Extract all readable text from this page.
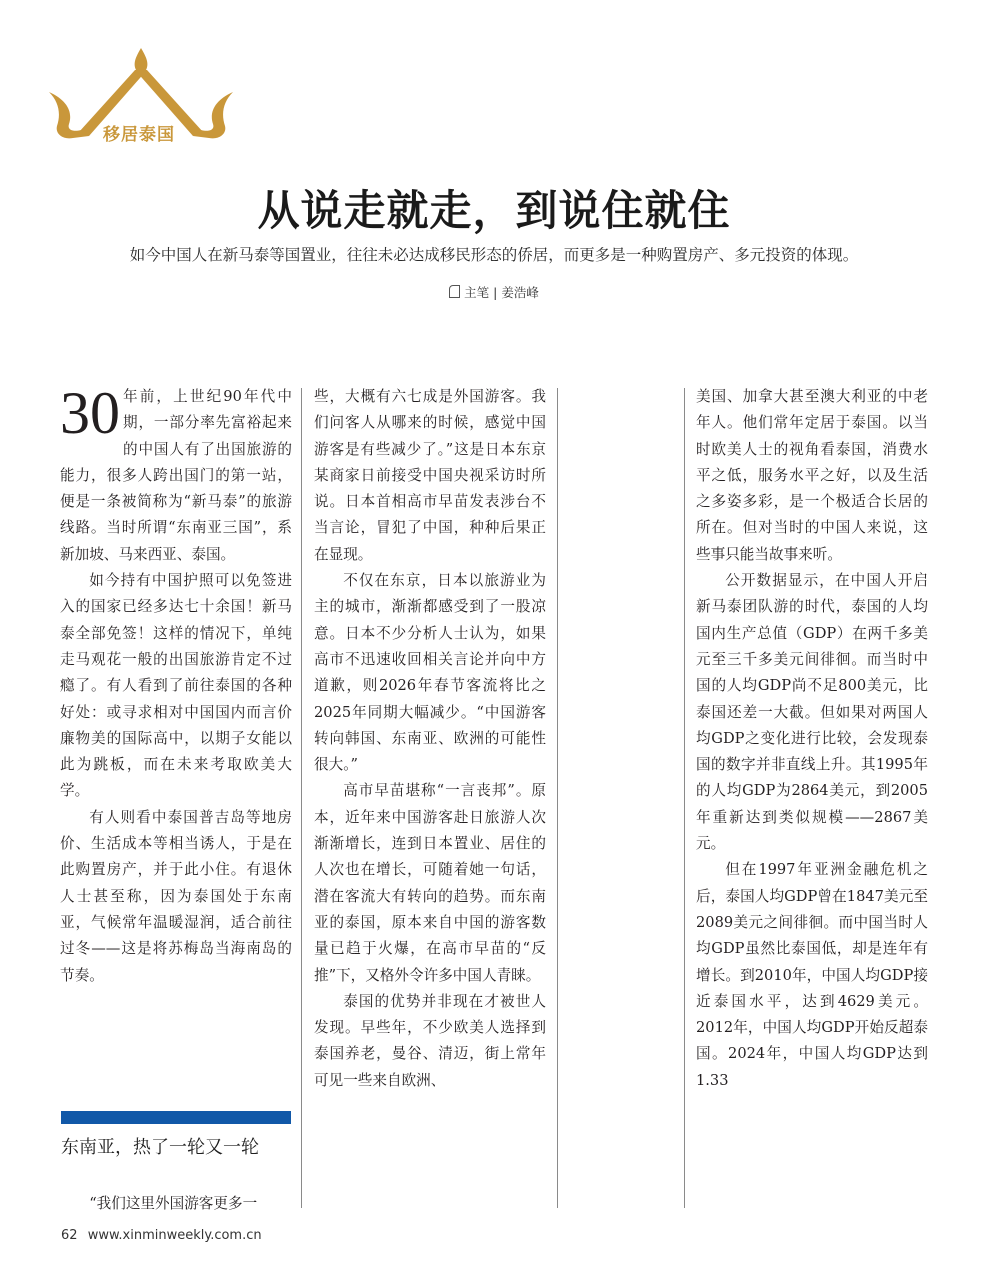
移居泰国
从说走就走，到说住就住
如今中国人在新马泰等国置业，往往未必达成移民形态的侨居，而更多是一种购置房产、多元投资的体现。
主笔 | 姜浩峰

30 年前，上世纪90年代中期，一部分率先富裕起来的中国人有了出国旅游的能力，很多人跨出国门的第一站，便是一条被简称为“新马泰”的旅游线路。当时所谓“东南亚三国”，系新加坡、马来西亚、泰国。

如今持有中国护照可以免签进入的国家已经多达七十余国！新马泰全部免签！这样的情况下，单纯走马观花一般的出国旅游肯定不过瘾了。有人看到了前往泰国的各种好处：或寻求相对中国国内而言价廉物美的国际高中，以期子女能以此为跳板，而在未来考取欧美大学。

有人则看中泰国普吉岛等地房价、生活成本等相当诱人，于是在此购置房产，并于此小住。有退休人士甚至称，因为泰国处于东南亚，气候常年温暖湿润，适合前往过冬——这是将苏梅岛当海南岛的节奏。

东南亚，热了一轮又一轮

“我们这里外国游客更多一

些，大概有六七成是外国游客。我们问客人从哪来的时候，感觉中国游客是有些减少了。”这是日本东京某商家日前接受中国央视采访时所说。日本首相高市早苗发表涉台不当言论，冒犯了中国，种种后果正在显现。

不仅在东京，日本以旅游业为主的城市，渐渐都感受到了一股凉意。日本不少分析人士认为，如果高市不迅速收回相关言论并向中方道歉，则2026年春节客流将比之2025年同期大幅减少。“中国游客转向韩国、东南亚、欧洲的可能性很大。”

高市早苗堪称“一言丧邦”。原本，近年来中国游客赴日旅游人次渐渐增长，连到日本置业、居住的人次也在增长，可随着她一句话，潜在客流大有转向的趋势。而东南亚的泰国，原本来自中国的游客数量已趋于火爆，在高市早苗的“反推”下，又格外令许多中国人青睐。

泰国的优势并非现在才被世人发现。早些年，不少欧美人选择到泰国养老，曼谷、清迈，街上常年可见一些来自欧洲、

美国、加拿大甚至澳大利亚的中老年人。他们常年定居于泰国。以当时欧美人士的视角看泰国，消费水平之低，服务水平之好，以及生活之多姿多彩，是一个极适合长居的所在。但对当时的中国人来说，这些事只能当故事来听。

公开数据显示，在中国人开启新马泰团队游的时代，泰国的人均国内生产总值（GDP）在两千多美元至三千多美元间徘徊。而当时中国的人均GDP尚不足800美元，比泰国还差一大截。但如果对两国人均GDP之变化进行比较，会发现泰国的数字并非直线上升。其1995年的人均GDP为2864美元，到2005年重新达到类似规模——2867美元。

但在1997年亚洲金融危机之后，泰国人均GDP曾在1847美元至2089美元之间徘徊。而中国当时人均GDP虽然比泰国低，却是连年有增长。到2010年，中国人均GDP接近泰国水平，达到4629美元。2012年，中国人均GDP开始反超泰国。2024年，中国人均GDP达到1.33

62 www.xinminweekly.com.cn
